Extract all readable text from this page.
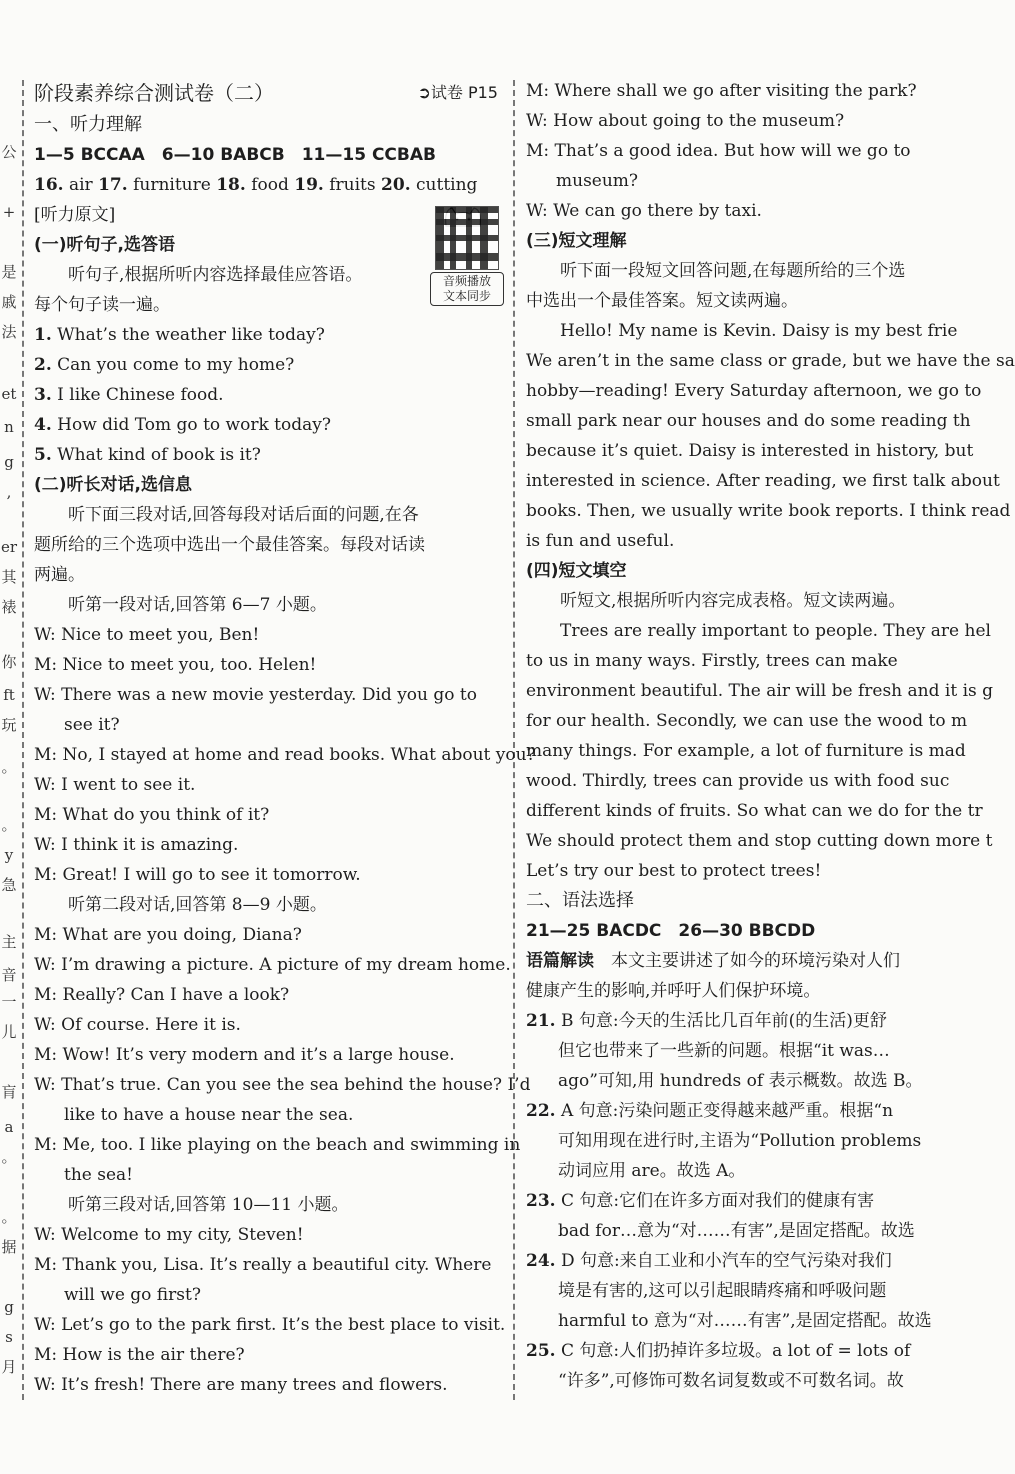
公
+
是
戚
法
et
n
g
,
er
其
裱
你
ft
玩
。
。
y
急
主
音
一
儿
肓
a
。
。
据
g
s
月
阶段素养综合测试卷（二）	➲试卷 P15
一、听力理解
1—5 BCCAA　6—10 BABCB　11—15 CCBAB
16. air 17. furniture 18. food 19. fruits 20. cutting
[听力原文]
(一)听句子,选答语
听句子,根据所听内容选择最佳应答语。
每个句子读一遍。
1. What’s the weather like today?
2. Can you come to my home?
3. I like Chinese food.
4. How did Tom go to work today?
5. What kind of book is it?
(二)听长对话,选信息
听下面三段对话,回答每段对话后面的问题,在各
题所给的三个选项中选出一个最佳答案。每段对话读
两遍。
听第一段对话,回答第 6—7 小题。
W: Nice to meet you, Ben!
M: Nice to meet you, too. Helen!
W: There was a new movie yesterday. Did you go to
see it?
M: No, I stayed at home and read books. What about you?
W: I went to see it.
M: What do you think of it?
W: I think it is amazing.
M: Great! I will go to see it tomorrow.
听第二段对话,回答第 8—9 小题。
M: What are you doing, Diana?
W: I’m drawing a picture. A picture of my dream home.
M: Really? Can I have a look?
W: Of course. Here it is.
M: Wow! It’s very modern and it’s a large house.
W: That’s true. Can you see the sea behind the house? I’d
like to have a house near the sea.
M: Me, too. I like playing on the beach and swimming in
the sea!
听第三段对话,回答第 10—11 小题。
W: Welcome to my city, Steven!
M: Thank you, Lisa. It’s really a beautiful city. Where
will we go first?
W: Let’s go to the park first. It’s the best place to visit.
M: How is the air there?
W: It’s fresh! There are many trees and flowers.
音频播放
文本同步
M: Where shall we go after visiting the park?
W: How about going to the museum?
M: That’s a good idea. But how will we go to
museum?
W: We can go there by taxi.
(三)短文理解
听下面一段短文回答问题,在每题所给的三个选
中选出一个最佳答案。短文读两遍。
Hello! My name is Kevin. Daisy is my best frie
We aren’t in the same class or grade, but we have the sa
hobby—reading! Every Saturday afternoon, we go to
small park near our houses and do some reading th
because it’s quiet. Daisy is interested in history, but
interested in science. After reading, we first talk about
books. Then, we usually write book reports. I think read
is fun and useful.
(四)短文填空
听短文,根据所听内容完成表格。短文读两遍。
Trees are really important to people. They are hel
to us in many ways. Firstly, trees can make
environment beautiful. The air will be fresh and it is g
for our health. Secondly, we can use the wood to m
many things. For example, a lot of furniture is mad
wood. Thirdly, trees can provide us with food suc
different kinds of fruits. So what can we do for the tr
We should protect them and stop cutting down more t
Let’s try our best to protect trees!
二、语法选择
21—25 BACDC　26—30 BBCDD
语篇解读　 本文主要讲述了如今的环境污染对人们
健康产生的影响,并呼吁人们保护环境。
21. B 句意:今天的生活比几百年前(的生活)更舒
但它也带来了一些新的问题。根据“it was…
ago”可知,用 hundreds of 表示概数。故选 B。
22. A 句意:污染问题正变得越来越严重。根据“n
可知用现在进行时,主语为“Pollution problems
动词应用 are。故选 A。
23. C 句意:它们在许多方面对我们的健康有害
bad for…意为“对……有害”,是固定搭配。故选
24. D 句意:来自工业和小汽车的空气污染对我们
境是有害的,这可以引起眼睛疼痛和呼吸问题
harmful to 意为“对……有害”,是固定搭配。故选
25. C 句意:人们扔掉许多垃圾。a lot of = lots of
“许多”,可修饰可数名词复数或不可数名词。故
